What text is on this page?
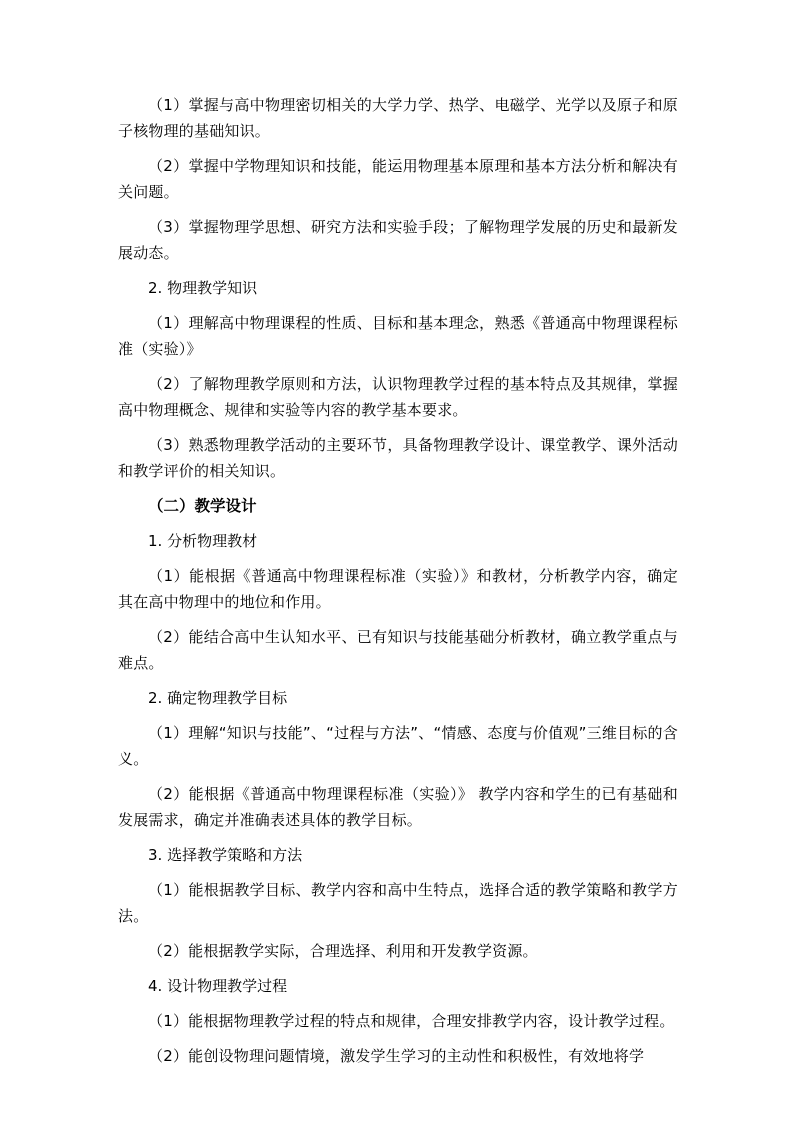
（1）掌握与高中物理密切相关的大学力学、热学、电磁学、光学以及原子和原子核物理的基础知识。

（2）掌握中学物理知识和技能，能运用物理基本原理和基本方法分析和解决有关问题。

（3）掌握物理学思想、研究方法和实验手段；了解物理学发展的历史和最新发展动态。

2. 物理教学知识

（1）理解高中物理课程的性质、目标和基本理念，熟悉《普通高中物理课程标准（实验）》

（2）了解物理教学原则和方法，认识物理教学过程的基本特点及其规律，掌握高中物理概念、规律和实验等内容的教学基本要求。

（3）熟悉物理教学活动的主要环节，具备物理教学设计、课堂教学、课外活动和教学评价的相关知识。

（二）教学设计

1. 分析物理教材

（1）能根据《普通高中物理课程标准（实验）》和教材，分析教学内容，确定其在高中物理中的地位和作用。

（2）能结合高中生认知水平、已有知识与技能基础分析教材，确立教学重点与难点。

2. 确定物理教学目标

（1）理解“知识与技能”、“过程与方法”、“情感、态度与价值观”三维目标的含义。

（2）能根据《普通高中物理课程标准（实验）》 教学内容和学生的已有基础和发展需求，确定并准确表述具体的教学目标。

3. 选择教学策略和方法

（1）能根据教学目标、教学内容和高中生特点，选择合适的教学策略和教学方法。

（2）能根据教学实际，合理选择、利用和开发教学资源。

4. 设计物理教学过程

（1）能根据物理教学过程的特点和规律，合理安排教学内容，设计教学过程。

（2）能创设物理问题情境，激发学生学习的主动性和积极性，有效地将学
